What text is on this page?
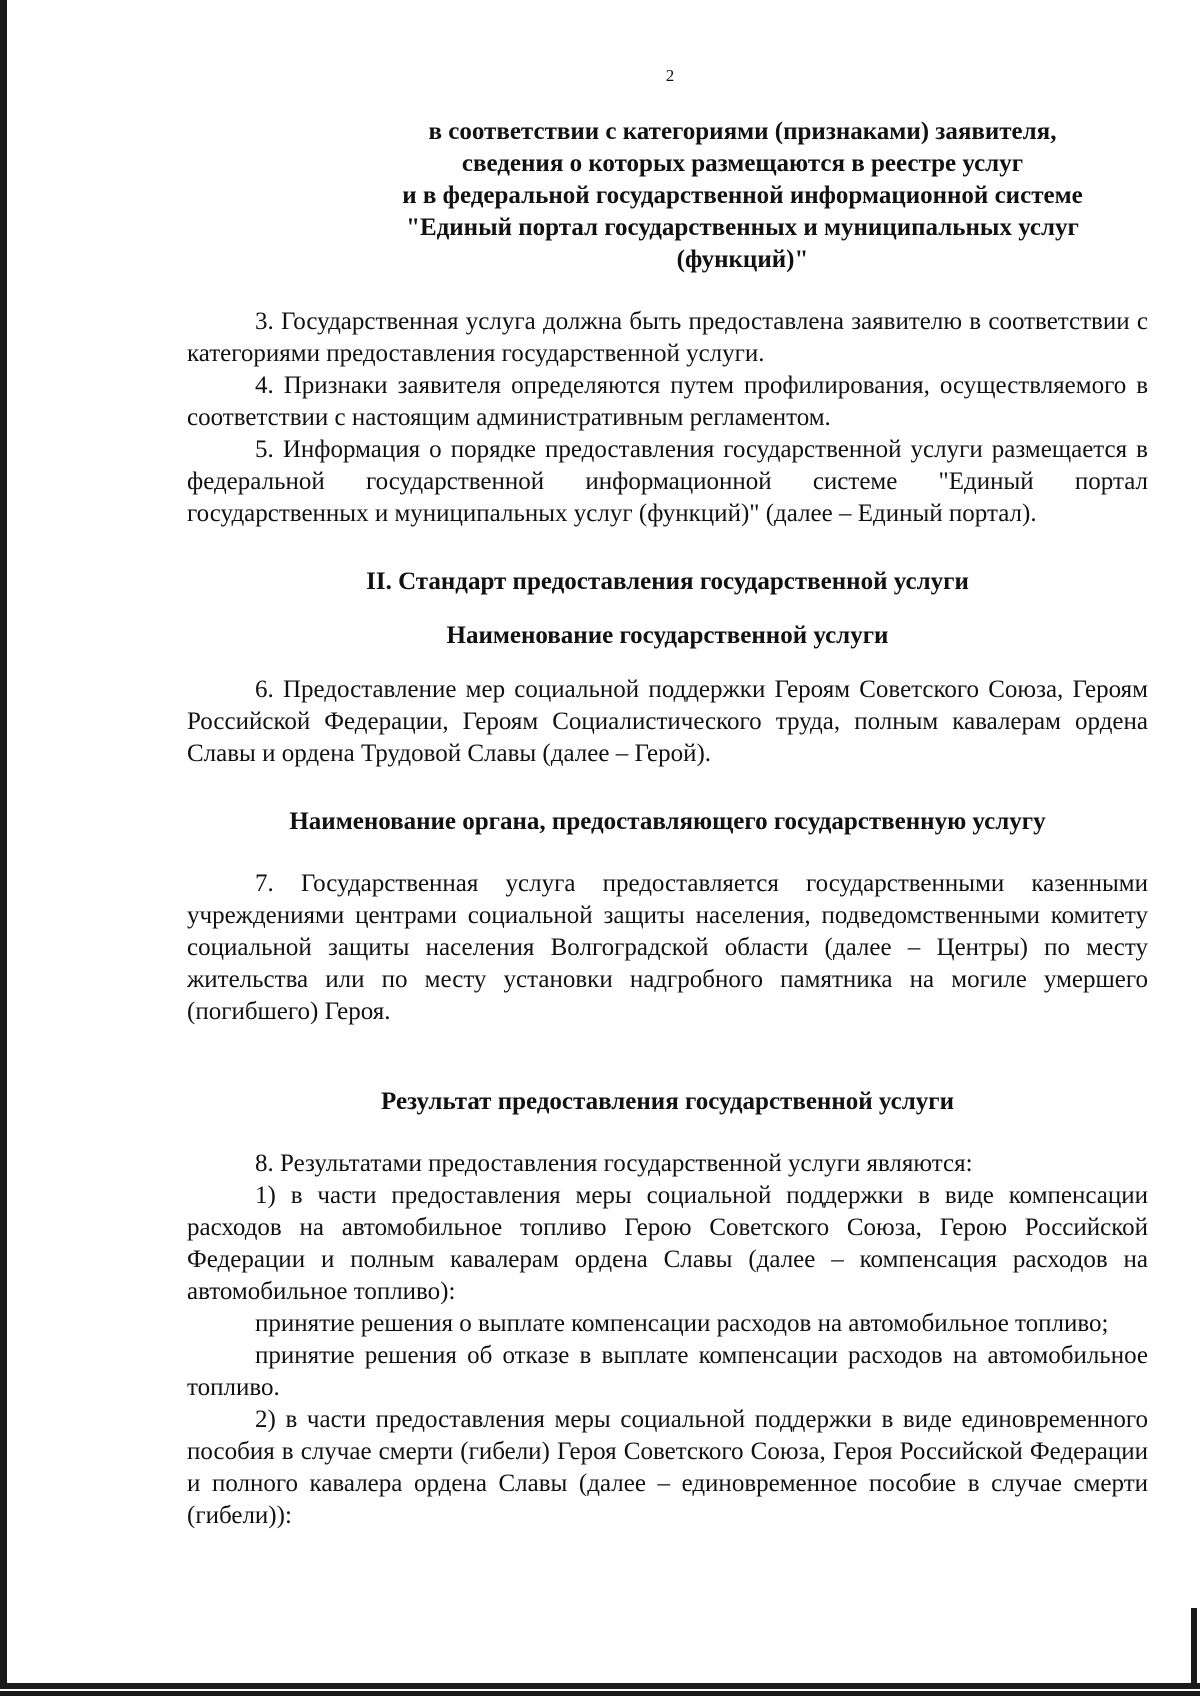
2
в соответствии с категориями (признаками) заявителя,
сведения о которых размещаются в реестре услуг
и в федеральной государственной информационной системе
"Единый портал государственных и муниципальных услуг
(функций)"

3. Государственная услуга должна быть предоставлена заявителю в соответствии с категориями предоставления государственной услуги.

4. Признаки заявителя определяются путем профилирования, осуществляемого в соответствии с настоящим административным регламентом.

5. Информация о порядке предоставления государственной услуги размещается в федеральной государственной информационной системе "Единый портал государственных и муниципальных услуг (функций)" (далее – Единый портал).

II. Стандарт предоставления государственной услуги

Наименование государственной услуги

6. Предоставление мер социальной поддержки Героям Советского Союза, Героям Российской Федерации, Героям Социалистического труда, полным кавалерам ордена Славы и ордена Трудовой Славы (далее – Герой).

Наименование органа, предоставляющего государственную услугу

7. Государственная услуга предоставляется государственными казенными учреждениями центрами социальной защиты населения, подведомственными комитету социальной защиты населения Волгоградской области (далее – Центры) по месту жительства или по месту установки надгробного памятника на могиле умершего (погибшего) Героя.

Результат предоставления государственной услуги

8. Результатами предоставления государственной услуги являются:

1) в части предоставления меры социальной поддержки в виде компенсации расходов на автомобильное топливо Герою Советского Союза, Герою Российской Федерации и полным кавалерам ордена Славы (далее – компенсация расходов на автомобильное топливо):

принятие решения о выплате компенсации расходов на автомобильное топливо;

принятие решения об отказе в выплате компенсации расходов на автомобильное топливо.

2) в части предоставления меры социальной поддержки в виде единовременного пособия в случае смерти (гибели) Героя Советского Союза, Героя Российской Федерации и полного кавалера ордена Славы (далее – единовременное пособие в случае смерти (гибели)):
